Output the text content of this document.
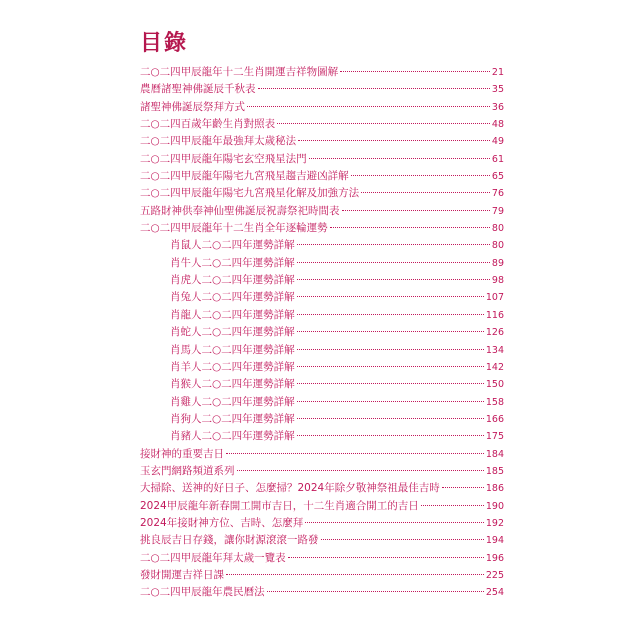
目錄
二○二四甲辰龍年十二生肖開運吉祥物圖解	21
農曆諸聖神佛誕辰千秋表	35
諸聖神佛誕辰祭拜方式	36
二○二四百歲年齡生肖對照表	48
二○二四甲辰龍年最強拜太歲秘法	49
二○二四甲辰龍年陽宅玄空飛星法門	61
二○二四甲辰龍年陽宅九宮飛星趨吉避凶詳解	65
二○二四甲辰龍年陽宅九宮飛星化解及加強方法	76
五路財神供奉神仙聖佛誕辰祝壽祭祀時間表	79
二○二四甲辰龍年十二生肖全年逐輪運勢	80
肖鼠人二○二四年運勢詳解	80
肖牛人二○二四年運勢詳解	89
肖虎人二○二四年運勢詳解	98
肖兔人二○二四年運勢詳解	107
肖龍人二○二四年運勢詳解	116
肖蛇人二○二四年運勢詳解	126
肖馬人二○二四年運勢詳解	134
肖羊人二○二四年運勢詳解	142
肖猴人二○二四年運勢詳解	150
肖雞人二○二四年運勢詳解	158
肖狗人二○二四年運勢詳解	166
肖豬人二○二四年運勢詳解	175
接財神的重要吉日	184
玉玄門網路頻道系列	185
大掃除、送神的好日子、怎麼掃？2024年除夕敬神祭祖最佳吉時	186
2024甲辰龍年新春開工開市吉日，十二生肖適合開工的吉日	190
2024年接財神方位、吉時、怎麼拜	192
挑良辰吉日存錢，讓你財源滾滾一路發	194
二○二四甲辰龍年拜太歲一覽表	196
發財開運吉祥日課	225
二○二四甲辰龍年農民曆法	254
